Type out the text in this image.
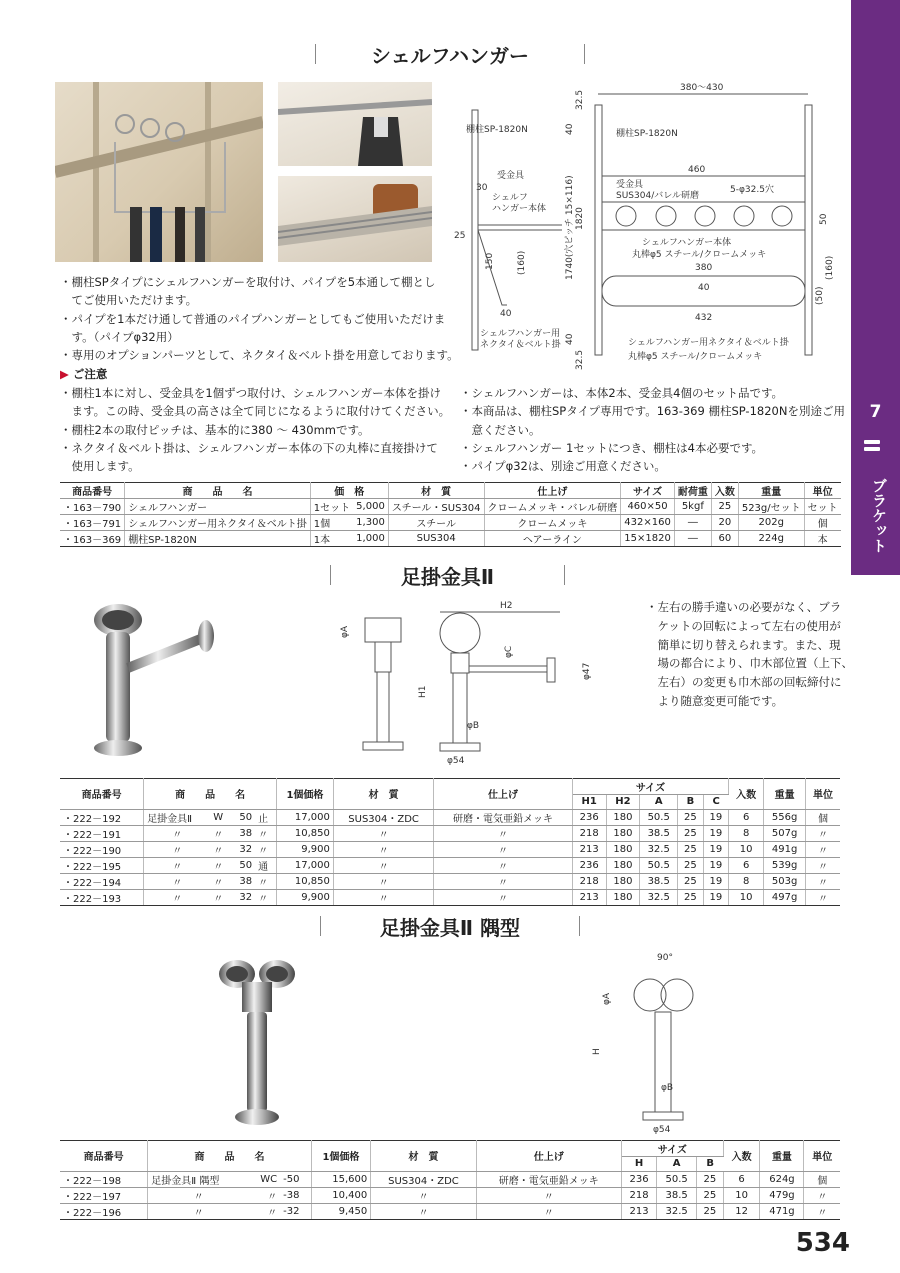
7
ブラケット
シェルフハンガー
棚柱SP-1820N
受金具
シェルフ
ハンガー本体
30
25
150 (160)
40
シェルフハンガー用
ネクタイ＆ベルト掛
380～430
棚柱SP-1820N
460
受金具
SUS304/バレル研磨
5-φ32.5穴
シェルフハンガー本体
丸棒φ5 スチール/クロームメッキ
380
40
432
シェルフハンガー用ネクタイ＆ベルト掛
丸棒φ5 スチール/クロームメッキ
1820
1740(穴ピッチ 15×116)
32.5
40
40
32.5
50
(160)
(50)

・棚柱SPタイプにシェルフハンガーを取付け、パイプを5本通して棚とし

　てご使用いただけます。

・パイプを1本だけ通して普通のパイプハンガーとしてもご使用いただけま

　す。（パイプφ32用）

・専用のオプションパーツとして、ネクタイ＆ベルト掛を用意しております。

▶ ご注意

・棚柱1本に対し、受金具を1個ずつ取付け、シェルフハンガー本体を掛け

　ます。この時、受金具の高さは全て同じになるように取付けてください。

・棚柱2本の取付ピッチは、基本的に380 ～ 430mmです。

・ネクタイ＆ベルト掛は、シェルフハンガー本体の下の丸棒に直接掛けて

　使用します。

・シェルフハンガーは、本体2本、受金具4個のセット品です。

・本商品は、棚柱SPタイプ専用です。163-369 棚柱SP-1820Nを別途ご用

　意ください。

・シェルフハンガー 1セットにつき、棚柱は4本必要です。

・パイプφ32は、別途ご用意ください。

商品番号	商　　品　　名	価　格		材　質	仕上げ	サイズ	耐荷重	入数	重量	単位
・163－790	シェルフハンガー	1セット	5,000	スチール・SUS304	クロームメッキ・バレル研磨	460×50	5kgf	25	523g/セット	セット
・163－791	シェルフハンガー用ネクタイ＆ベルト掛	1個	1,300	スチール	クロームメッキ	432×160	―	20	202g	個
・163－369	棚柱SP-1820N	1本	1,000	SUS304	ヘアーライン	15×1820	―	60	224g	本
足掛金具Ⅱ
H2
φA
φC
φ47
H1
φB
φ54

・左右の勝手違いの必要がなく、ブラ

　ケットの回転によって左右の使用が

　簡単に切り替えられます。また、現

　場の都合により、巾木部位置（上下、

　左右）の変更も巾木部の回転締付に

　より随意変更可能です。

商品番号	商　　品　　名				1個価格	材　質	仕上げ	サイズ					入数	重量	単位
								H1	H2	A	B	C			
・222－192	足掛金具Ⅱ	W	50	止	17,000	SUS304・ZDC	研磨・電気亜鉛メッキ	236	180	50.5	25	19	6	556g	個
・222－191	〃	〃	38	〃	10,850	〃	〃	218	180	38.5	25	19	8	507g	〃
・222－190	〃	〃	32	〃	9,900	〃	〃	213	180	32.5	25	19	10	491g	〃
・222－195	〃	〃	50	通	17,000	〃	〃	236	180	50.5	25	19	6	539g	〃
・222－194	〃	〃	38	〃	10,850	〃	〃	218	180	38.5	25	19	8	503g	〃
・222－193	〃	〃	32	〃	9,900	〃	〃	213	180	32.5	25	19	10	497g	〃
足掛金具Ⅱ 隅型
90°
φA
H
φB
φ54
商品番号	商　　品　　名			1個価格	材　質	仕上げ	サイズ			入数	重量	単位
							H	A	B			
・222－198	足掛金具Ⅱ 隅型	WC	-50	15,600	SUS304・ZDC	研磨・電気亜鉛メッキ	236	50.5	25	6	624g	個
・222－197	〃	〃	-38	10,400	〃	〃	218	38.5	25	10	479g	〃
・222－196	〃	〃	-32	9,450	〃	〃	213	32.5	25	12	471g	〃
534
